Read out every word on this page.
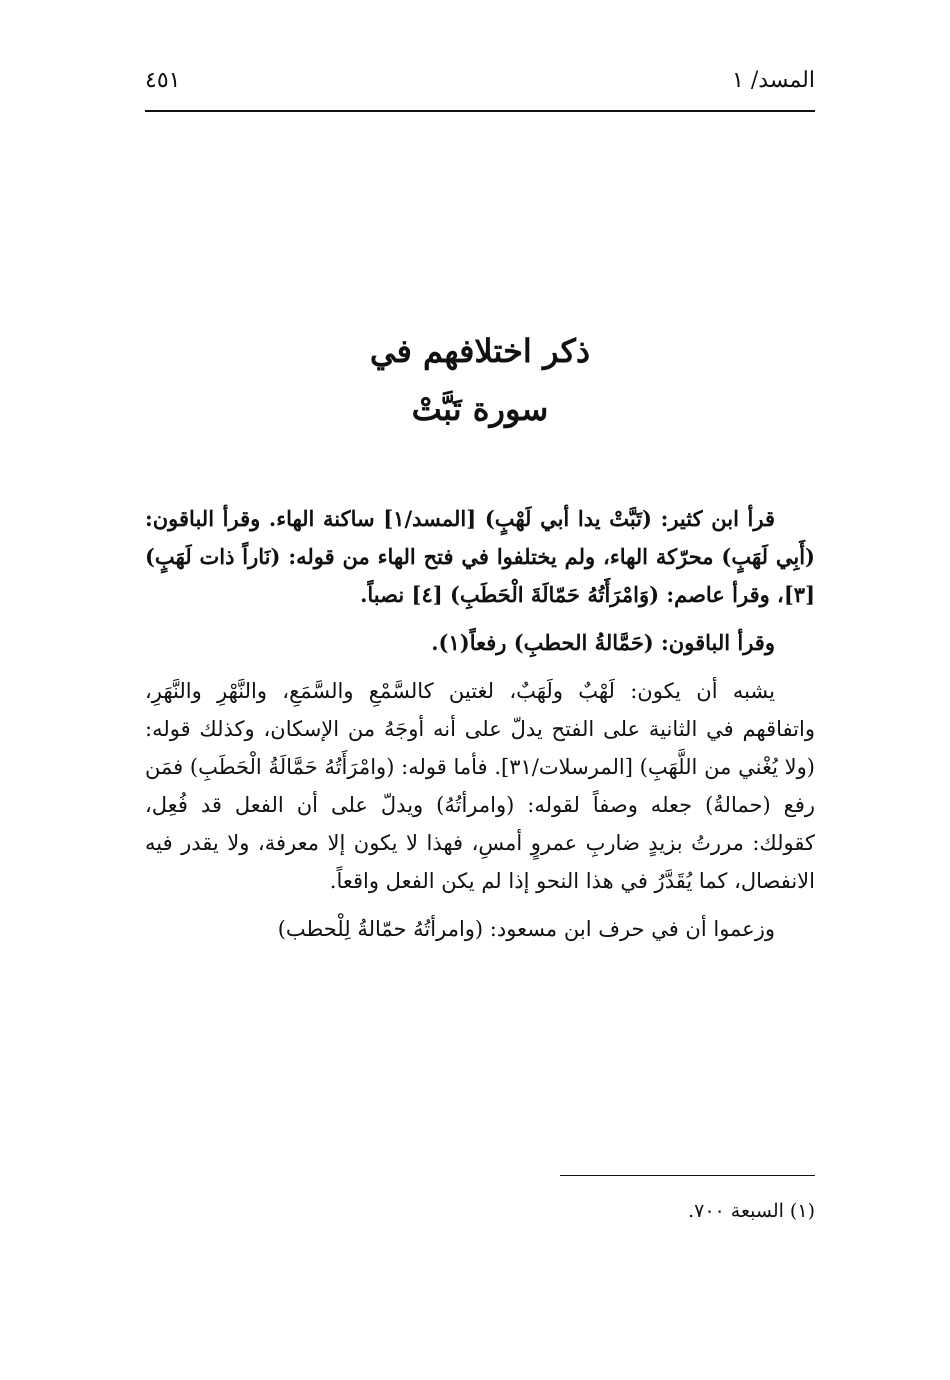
المسد/ ١
٤٥١
ذكر اختلافهم في
سورة تَبَّتْ

قرأ ابن كثير: (تَبَّتْ يدا أبي لَهْبٍ) [المسد/١] ساكنة الهاء. وقرأ الباقون: (أَبِي لَهَبٍ) محرّكة الهاء، ولم يختلفوا في فتح الهاء من قوله: (نَاراً ذات لَهَبٍ) [٣]، وقرأ عاصم: (وَامْرَأَتُهُ حَمّالَةَ الْحَطَبِ) [٤] نصباً.

وقرأ الباقون: (حَمَّالةُ الحطبِ) رفعاً(١).

يشبه أن يكون: لَهْبٌ ولَهَبٌ، لغتين كالسَّمْعِ والسَّمَعِ، والنَّهْرِ والنَّهَرِ، واتفاقهم في الثانية على الفتح يدلّ على أنه أوجَهُ من الإسكان، وكذلك قوله: (ولا يُغْني من اللَّهَبِ) [المرسلات/٣١]. فأما قوله: (وامْرَأَتُهُ حَمَّالَةُ الْحَطَبِ) فمَن رفع (حمالةُ) جعله وصفاً لقوله: (وامرأتُهُ) ويدلّ على أن الفعل قد فُعِل، كقولك: مررتُ بزيدٍ ضاربِ عمروٍ أمسِ، فهذا لا يكون إلا معرفة، ولا يقدر فيه الانفصال، كما يُقَدَّرُ في هذا النحو إذا لم يكن الفعل واقعاً.

وزعموا أن في حرف ابن مسعود: (وامرأتُهُ حمّالةُ لِلْحطب)

(١) السبعة ٧٠٠.
